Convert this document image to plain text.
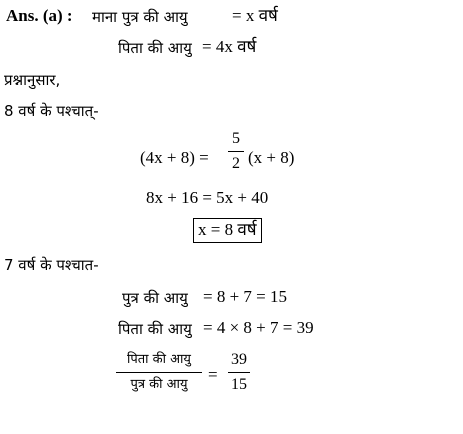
Ans. (a) : माना पुत्र की आयु	= x वर्ष
पिता की आयु = 4x वर्ष
प्रश्नानुसार,
8 वर्ष के पश्चात्-
(4x + 8) =
5
2 (x + 8)
8x + 16 = 5x + 40
x = 8 वर्ष
7 वर्ष के पश्चात-
पुत्र की आयु = 8 + 7 = 15
पिता की आयु = 4 × 8 + 7 = 39
पिता की आयु
पुत्र की आयु
=
39
15
